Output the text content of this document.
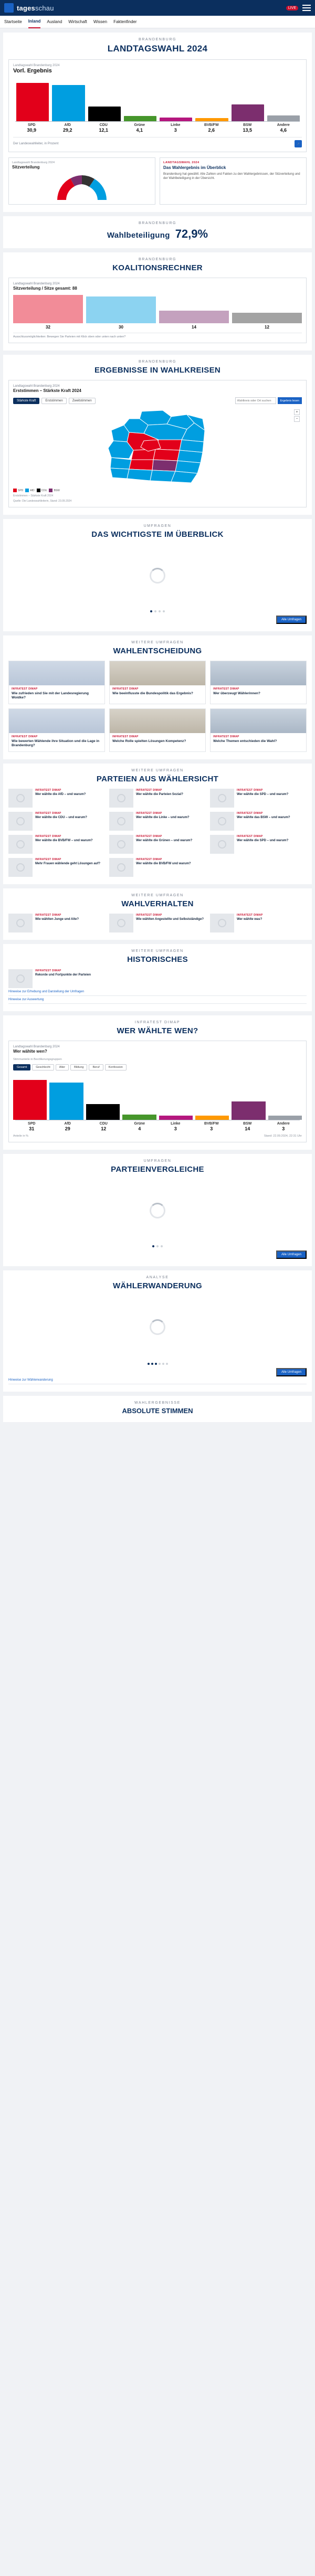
tagesschau	LIVE
Startseite Inland Ausland Wirtschaft Wissen Faktenfinder
BRANDENBURG
LANDTAGSWAHL 2024
Landtagswahl Brandenburg 2024
Vorl. Ergebnis
SPD
30,9
AfD
29,2
CDU
12,1
Grüne
4,1
Linke
3
BVB/FW
2,6
BSW
13,5
Andere
4,6
Der Landeswahlleiter, in Prozent	↗
Landtagswahl Brandenburg 2024
Sitzverteilung
LANDTAGSWAHL 2024
Das Wahlergebnis im Überblick
Brandenburg hat gewählt: Alle Zahlen und Fakten zu den Wahlergebnissen, der Sitzverteilung und der Wahlbeteiligung in der Übersicht.
BRANDENBURG
Wahlbeteiligung 72,9%
BRANDENBURG
KOALITIONSRECHNER
Landtagswahl Brandenburg 2024
Sitzverteilung / Sitze gesamt: 88
32	30	14	12
Ausschlussmöglichkeiten: Bewegen Sie Parteien mit Klick oben oder unten nach unten?
BRANDENBURG
ERGEBNISSE IN WAHLKREISEN
Landtagswahl Brandenburg 2024
Erststimmen – Stärkste Kraft 2024
Stärkste Kraft	Erststimmen	Zweitstimmen
Wahlkreis oder Ort suchen	Ergebnis lesen
+
−
SPD	AfD	CDU	BSW
Erststimmen – Stärkste Kraft 2024
Quelle: Die Landeswahlleiterin, Stand: 23.09.2024
UMFRAGEN
DAS WICHTIGSTE IM ÜBERBLICK
Alle Umfragen
WEITERE UMFRAGEN
WAHLENTSCHEIDUNG
INFRATEST DIMAP
Wie zufrieden sind Sie mit der Landesregierung Woidke?
INFRATEST DIMAP
Wie beeinflusste die Bundespolitik das Ergebnis?
INFRATEST DIMAP
Wer überzeugt Wählerinnen?
INFRATEST DIMAP
Wie bewerten Wählende ihre Situation und die Lage in Brandenburg?
INFRATEST DIMAP
Welche Rolle spielten Lösungen Kompetenz?
INFRATEST DIMAP
Welche Themen entschieden die Wahl?
WEITERE UMFRAGEN
PARTEIEN AUS WÄHLERSICHT
INFRATEST DIMAP
Wer wählte die AfD – und warum?
INFRATEST DIMAP
Wer wählte die Parteien Sozial?
INFRATEST DIMAP
Wer wählte die SPD – und warum?
INFRATEST DIMAP
Wer wählte die CDU – und warum?
INFRATEST DIMAP
Wer wählte die Linke – und warum?
INFRATEST DIMAP
Wer wählte das BSW – und warum?
INFRATEST DIMAP
Wer wählte die BVB/FW – und warum?
INFRATEST DIMAP
Wer wählte die Grünen – und warum?
INFRATEST DIMAP
Wer wählte die SPD – und warum?
INFRATEST DIMAP
Mehr Frauen wählende geht Lösungen auf?
INFRATEST DIMAP
Wer wählte die BVB/FW und warum?
WEITERE UMFRAGEN
WAHLVERHALTEN
INFRATEST DIMAP
Wie wählten Junge und Alte?
INFRATEST DIMAP
Wie wählten Angestellte und Selbstständige?
INFRATEST DIMAP
Wer wählte was?
WEITERE UMFRAGEN
HISTORISCHES
INFRATEST DIMAP
Rekorde und Fortpunkte der Parteien
Hinweise zur Erhebung und Darstellung der Umfragen
Hinweise zur Auswertung
INFRATEST DIMAP
WER WÄHLTE WEN?
Landtagswahl Brandenburg 2024
Wer wählte wen?
Stimmanteile in Bevölkerungsgruppen
Gesamt	Geschlecht	Alter	Bildung	Beruf	Konfession
SPD
31
AfD
29
CDU
12
Grüne
4
Linke
3
BVB/FW
3
BSW
14
Andere
3
Anteile in %	Stand: 22.09.2024, 22:31 Uhr
UMFRAGEN
PARTEIENVERGLEICHE
Alle Umfragen
ANALYSE
WÄHLERWANDERUNG
Alle Umfragen
Hinweise zur Wählerwanderung
WAHLERGEBNISSE
ABSOLUTE STIMMEN
